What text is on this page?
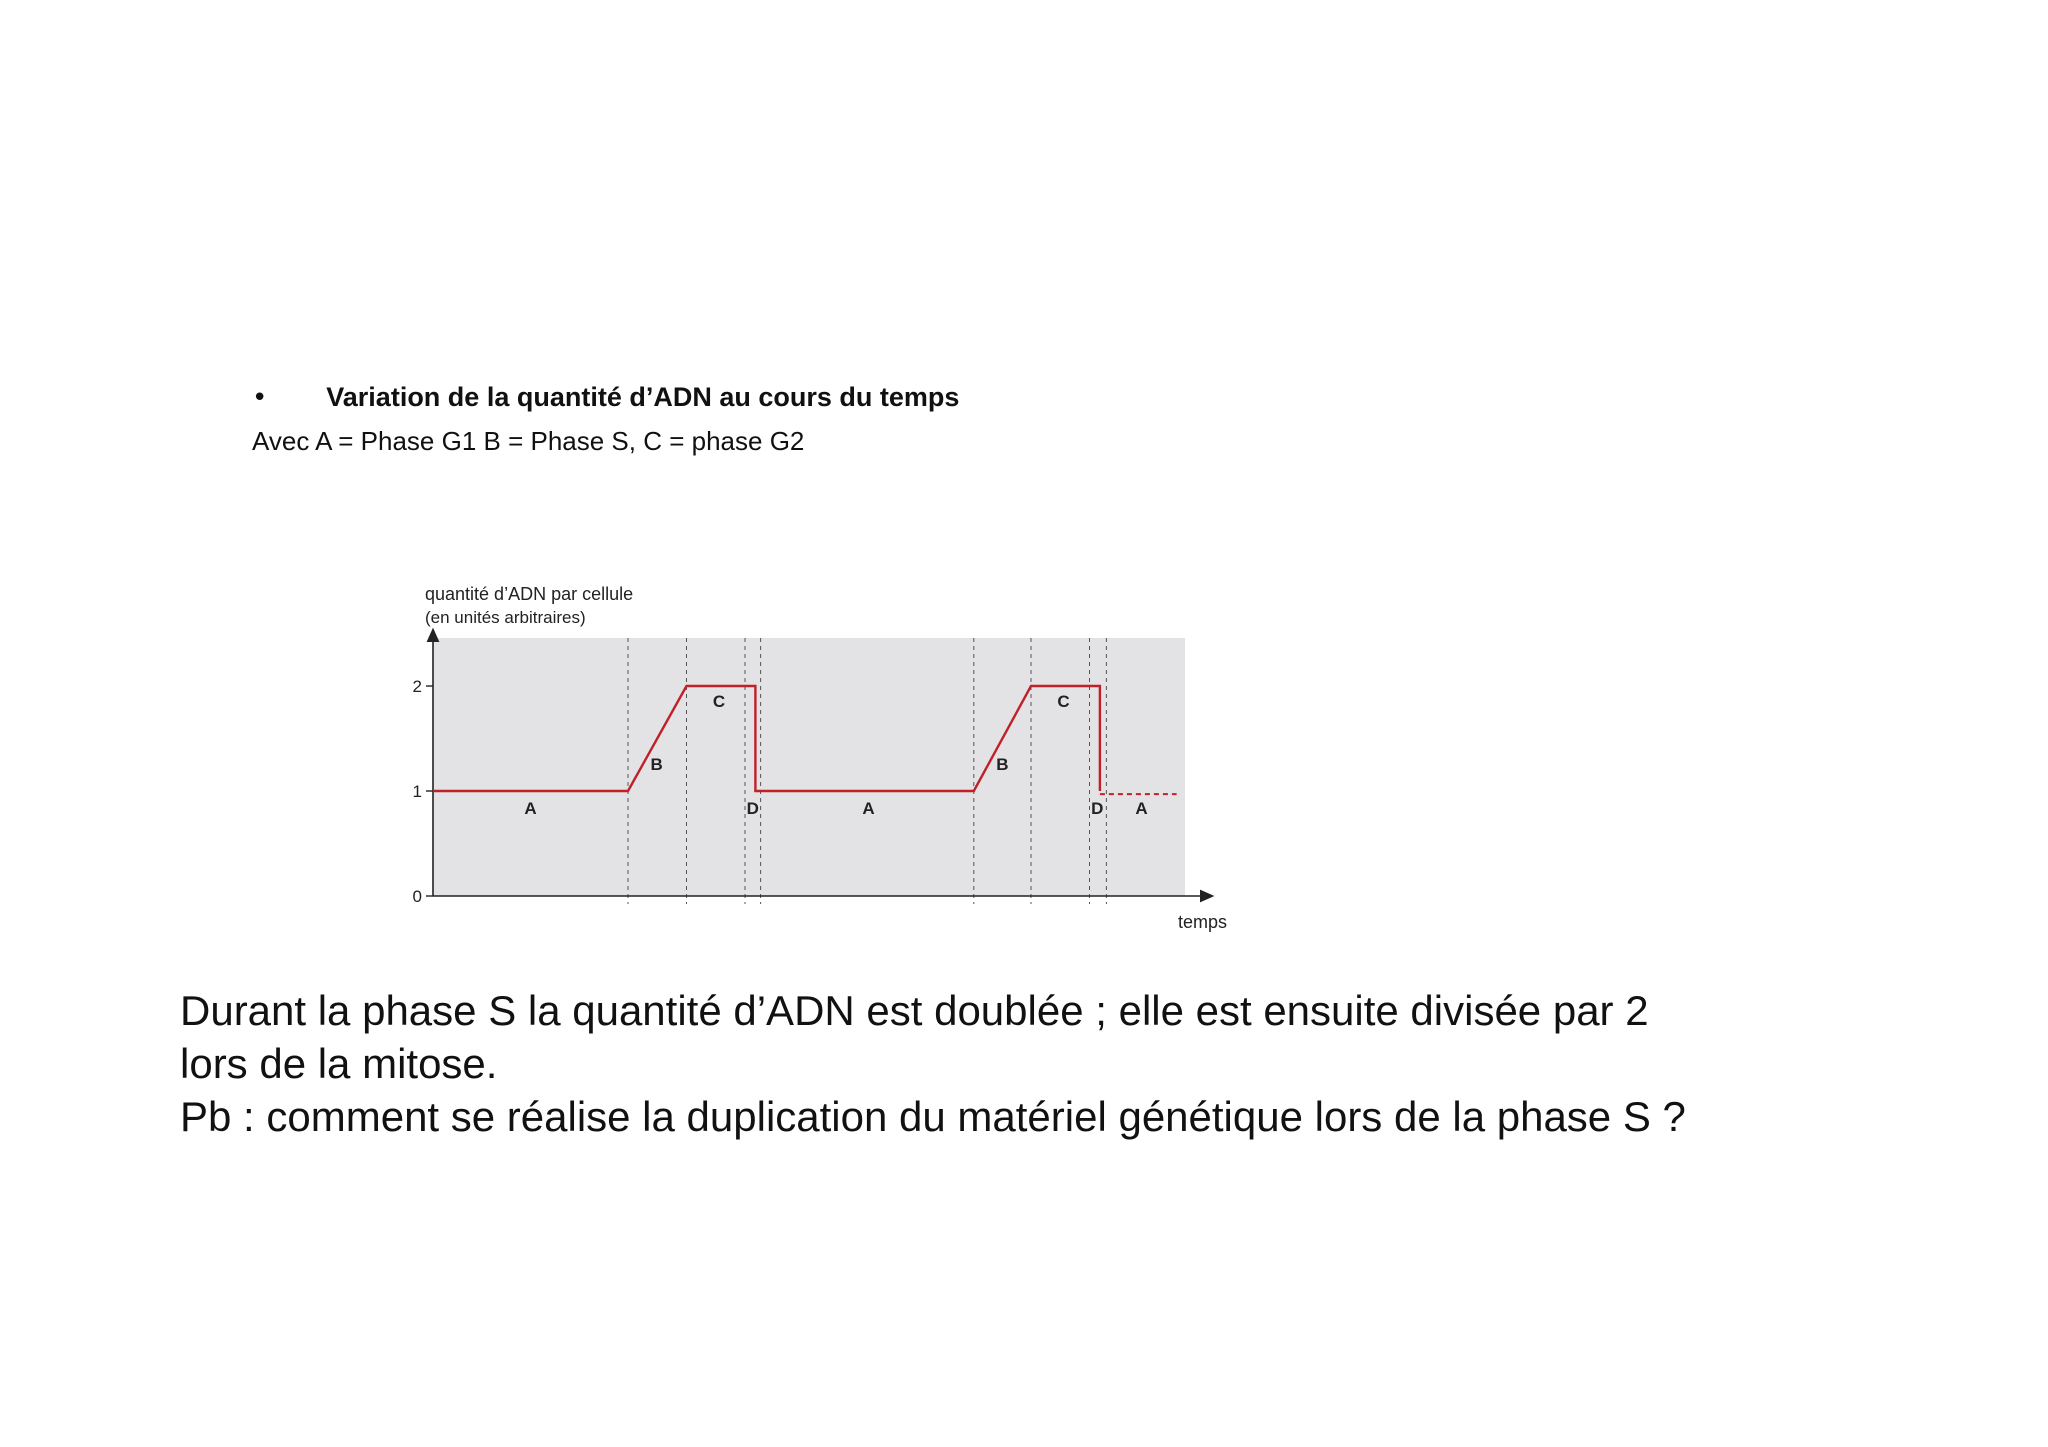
• Variation de la quantité d’ADN au cours du temps
Avec A = Phase G1 B = Phase S, C = phase G2
0
1
2
A
B
C
D	A
B
C
D A
quantité d’ADN par cellule
(en unités arbitraires)
temps
Durant la phase S la quantité d’ADN est doublée ; elle est ensuite divisée par 2
lors de la mitose.
Pb : comment se réalise la duplication du matériel génétique lors de la phase S ?
